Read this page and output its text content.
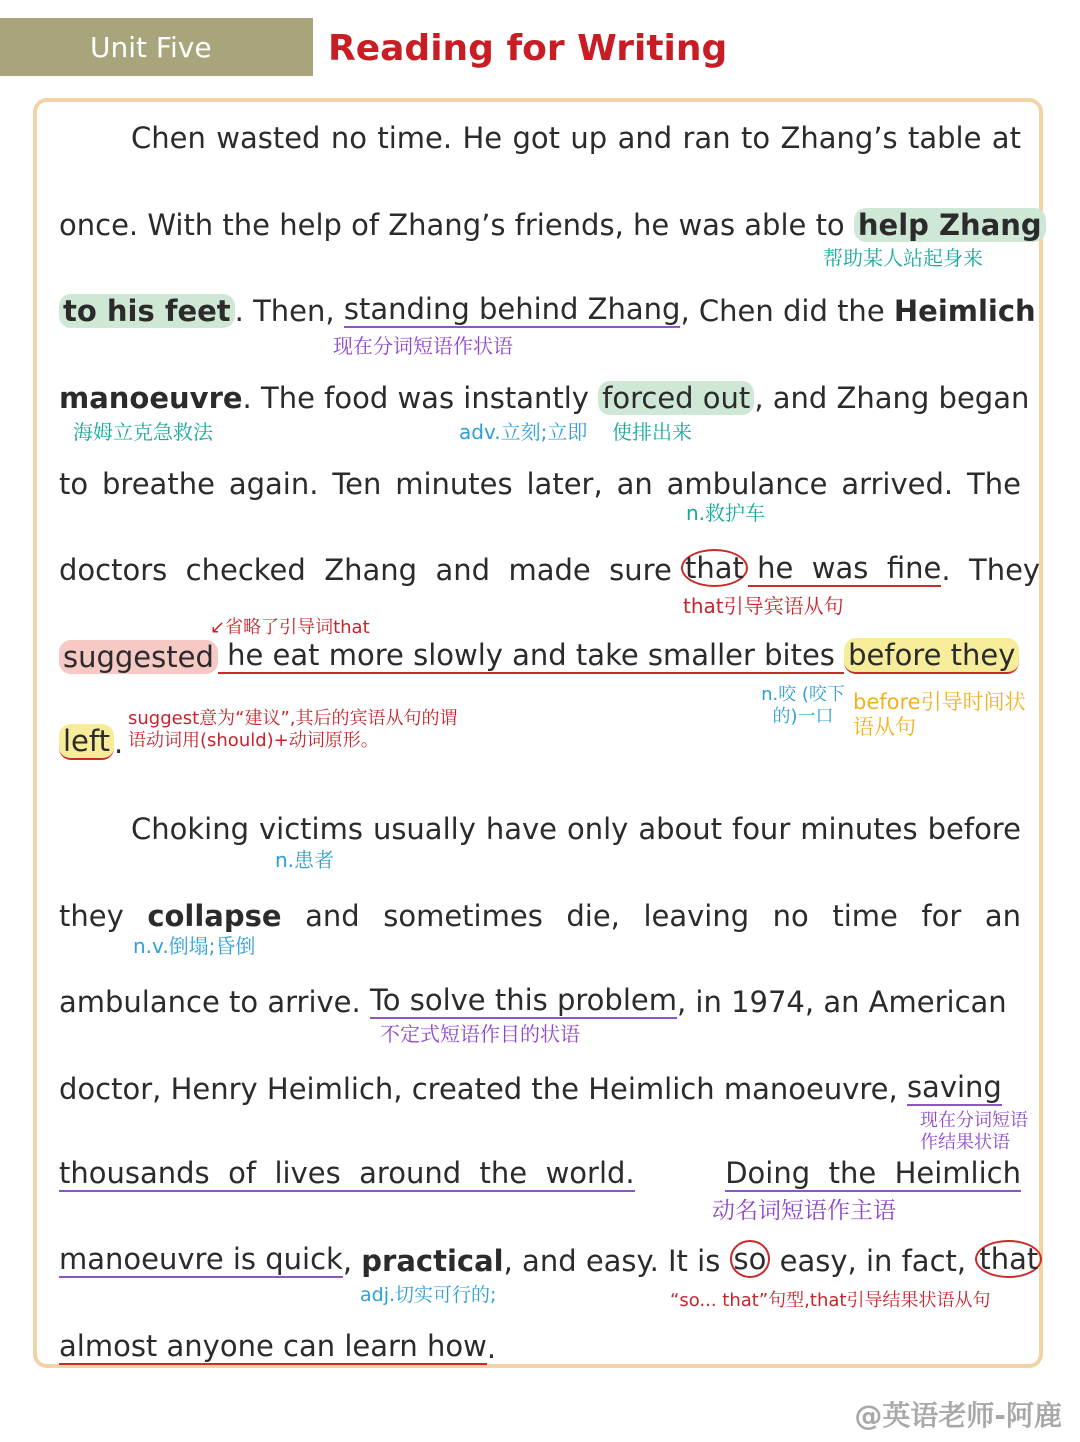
Unit Five	Reading for Writing
Chen wasted no time. He got up and ran to Zhang’s table at
once. With the help of Zhang’s friends, he was able to help Zhang
to his feet . Then, standing behind Zhang , Chen did the Heimlich
manoeuvre . The food was instantly forced out , and Zhang began
to breathe again. Ten minutes later, an ambulance arrived. The
doctors  checked  Zhang  and  made  sure that he  was  fine .  They
suggested he eat more slowly and take smaller bites before they
left .
Choking victims usually have only about four minutes before
they collapse and sometimes die, leaving no time for an
ambulance to arrive. To solve this problem , in 1974, an American
doctor, Henry Heimlich, created the Heimlich manoeuvre, saving
thousands  of  lives  around  the  world.	Doing  the  Heimlich
manoeuvre is quick , practical , and easy. It is so easy, in fact, that
almost anyone can learn how .
帮助某人站起身来
现在分词短语作状语
海姆立克急救法	adv.立刻;立即 使排出来
n.救护车
that引导宾语从句
↙省略了引导词that
suggest意为“建议”,其后的宾语从句的谓语动词用(should)+动词原形。
n.咬 (咬下的)一口
before引导时间状语从句
n.患者
n.v.倒塌;昏倒
不定式短语作目的状语
现在分词短语作结果状语
动名词短语作主语
adj.切实可行的;	“so... that”句型,that引导结果状语从句
@英语老师-阿鹿
